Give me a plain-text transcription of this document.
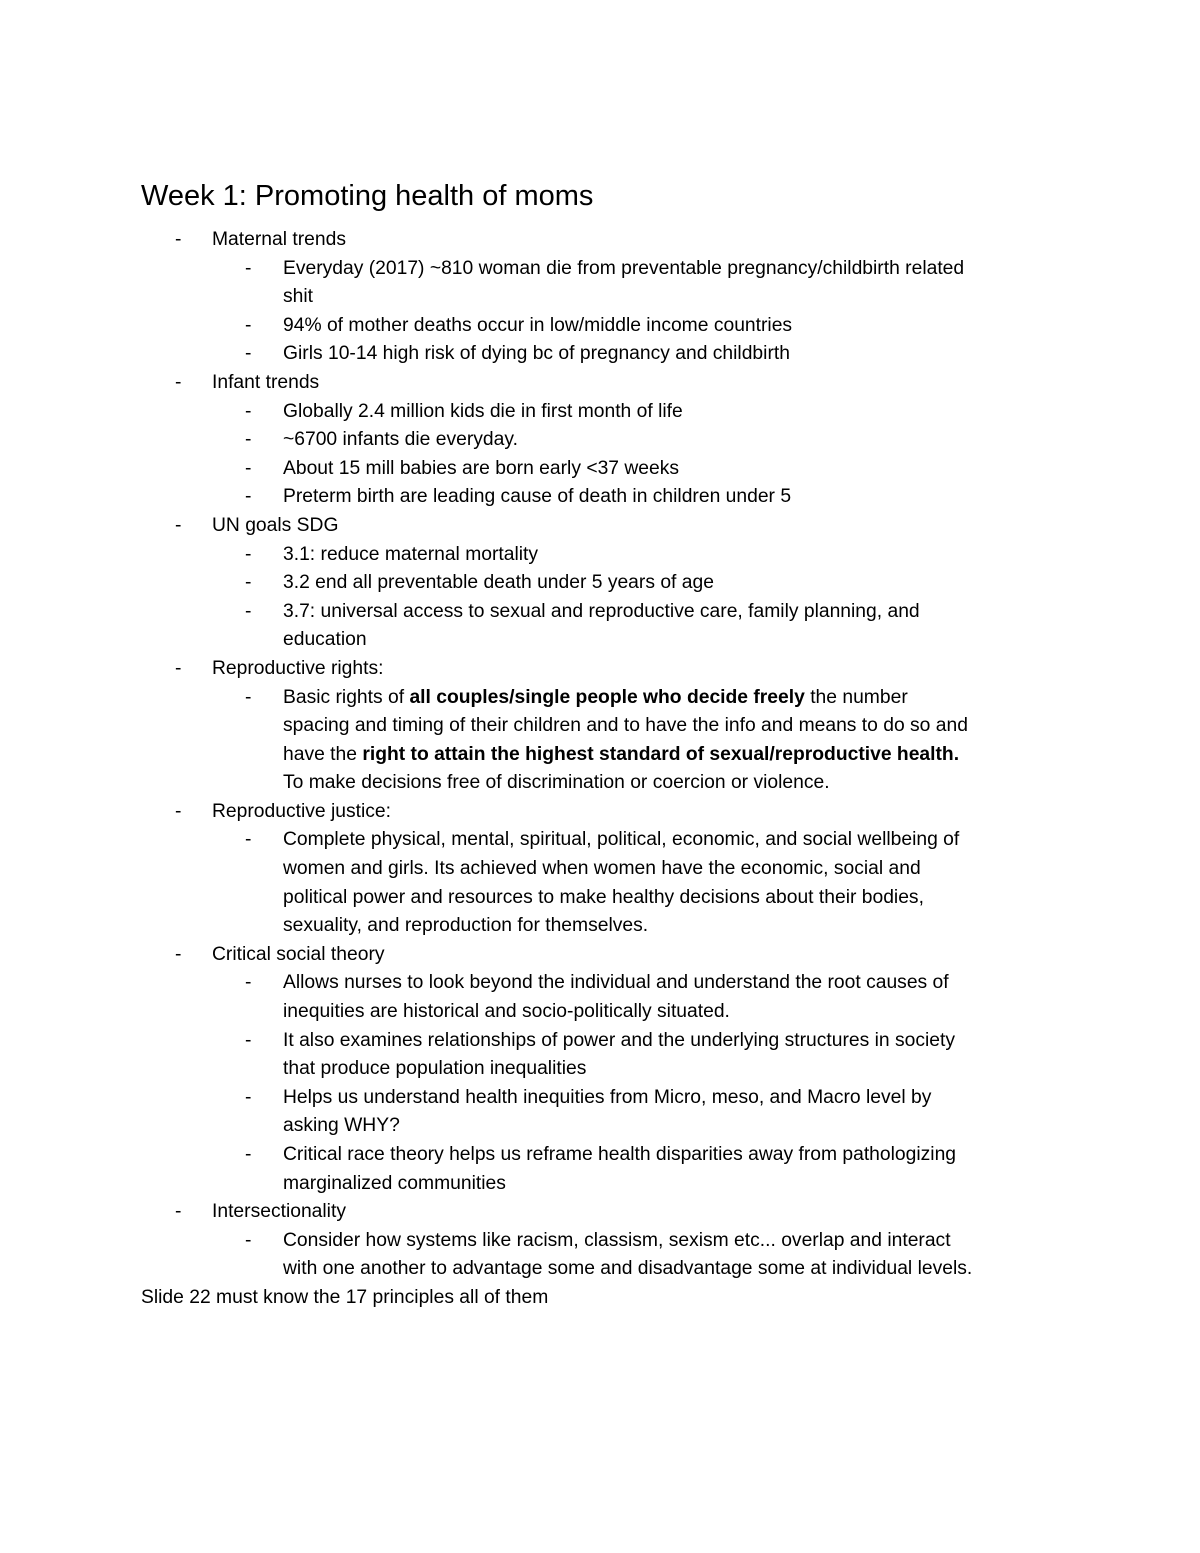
Week 1: Promoting health of moms
-	Maternal trends
-	Everyday (2017) ~810 woman die from preventable pregnancy/childbirth related
shit
-	94% of mother deaths occur in low/middle income countries
-	Girls 10-14 high risk of dying bc of pregnancy and childbirth
-	Infant trends
-	Globally 2.4 million kids die in first month of life
-	~6700 infants die everyday.
-	About 15 mill babies are born early <37 weeks
-	Preterm birth are leading cause of death in children under 5
-	UN goals SDG
-	3.1: reduce maternal mortality
-	3.2 end all preventable death under 5 years of age
-	3.7: universal access to sexual and reproductive care, family planning, and
education
-	Reproductive rights:
-	Basic rights of all couples/single people who decide freely the number
spacing and timing of their children and to have the info and means to do so and
have the right to attain the highest standard of sexual/reproductive health.
To make decisions free of discrimination or coercion or violence.
-	Reproductive justice:
-	Complete physical, mental, spiritual, political, economic, and social wellbeing of
women and girls. Its achieved when women have the economic, social and
political power and resources to make healthy decisions about their bodies,
sexuality, and reproduction for themselves.
-	Critical social theory
-	Allows nurses to look beyond the individual and understand the root causes of
inequities are historical and socio-politically situated.
-	It also examines relationships of power and the underlying structures in society
that produce population inequalities
-	Helps us understand health inequities from Micro, meso, and Macro level by
asking WHY?
-	Critical race theory helps us reframe health disparities away from pathologizing
marginalized communities
-	Intersectionality
-	Consider how systems like racism, classism, sexism etc... overlap and interact
with one another to advantage some and disadvantage some at individual levels.
Slide 22 must know the 17 principles all of them
